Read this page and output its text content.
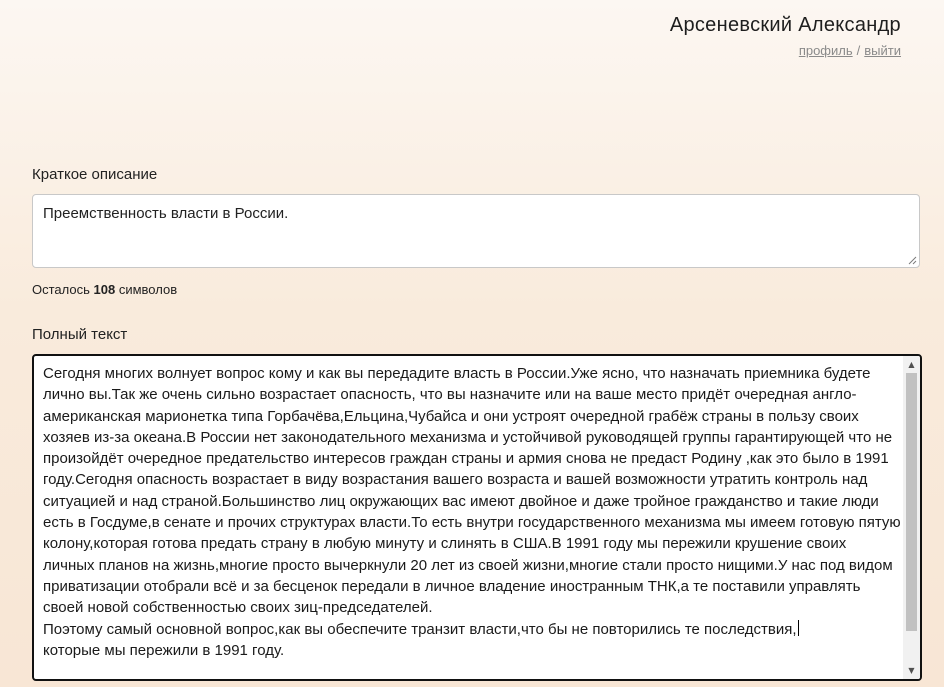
Арсеневский Александр
профиль / выйти
Краткое описание
Преемственность власти в России.
Осталось 108 символов
Полный текст

Сегодня многих волнует вопрос кому и как вы передадите власть в России.Уже ясно, что назначать приемника будете лично вы.Так же очень сильно возрастает опасность, что вы назначите или на ваше место придёт очередная англо-американская марионетка типа Горбачёва,Ельцина,Чубайса и они устроят очередной грабёж страны в пользу своих хозяев из-за океана.В России нет законодательного механизма и устойчивой руководящей группы гарантирующей что не произойдёт очередное предательство интересов граждан страны и армия снова не предаст Родину ,как это было в 1991 году.Сегодня опасность возрастает в виду возрастания вашего возраста и вашей возможности утратить контроль над ситуацией и над страной.Большинство лиц окружающих вас имеют двойное и даже тройное гражданство и такие люди есть в Госдуме,в сенате и прочих структурах власти.То есть внутри государственного механизма мы имеем готовую пятую колону,которая готова предать страну в любую минуту и слинять в США.В 1991 году мы пережили крушение своих личных планов на жизнь,многие просто вычеркнули 20 лет из своей жизни,многие стали просто нищими.У нас под видом приватизации отобрали всё и за бесценок передали в личное владение иностранным ТНК,а те поставили управлять своей новой собственностью своих зиц-председателей.

Поэтому самый основной вопрос,как вы обеспечите транзит власти,что бы не повторились те последствия,

которые мы пережили в 1991 году.

▲
▼
